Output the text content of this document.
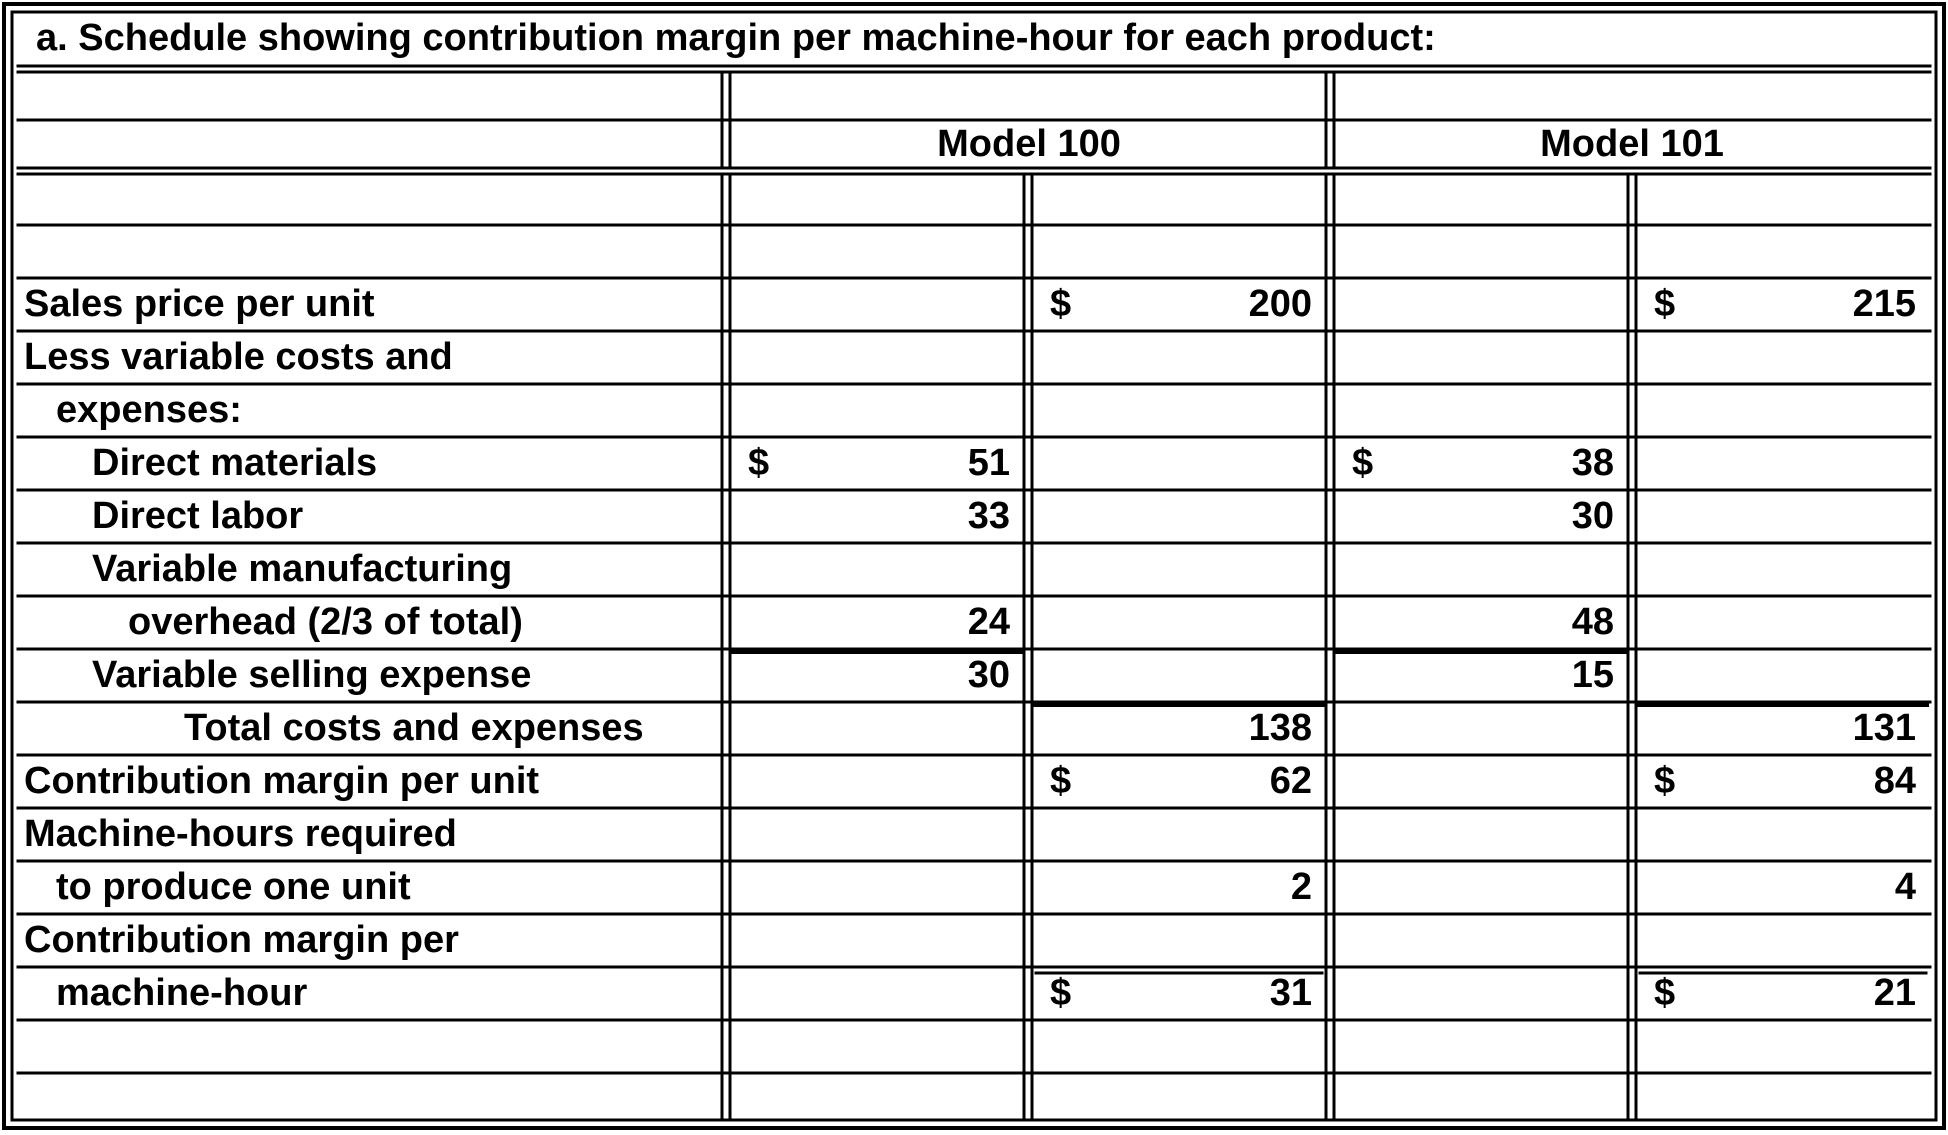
a. Schedule showing contribution margin per machine-hour for each product:
Model 100	Model 101
Sales price per unit	$	200	$	215
Less variable costs and
expenses:
Direct materials	$	51	$	38
Direct labor	33	30
Variable manufacturing
overhead (2/3 of total)	24	48
Variable selling expense	30	15
Total costs and expenses	138	131
Contribution margin per unit	$	62	$	84
Machine-hours required
to produce one unit	2	4
Contribution margin per
machine-hour	$	31	$	21
